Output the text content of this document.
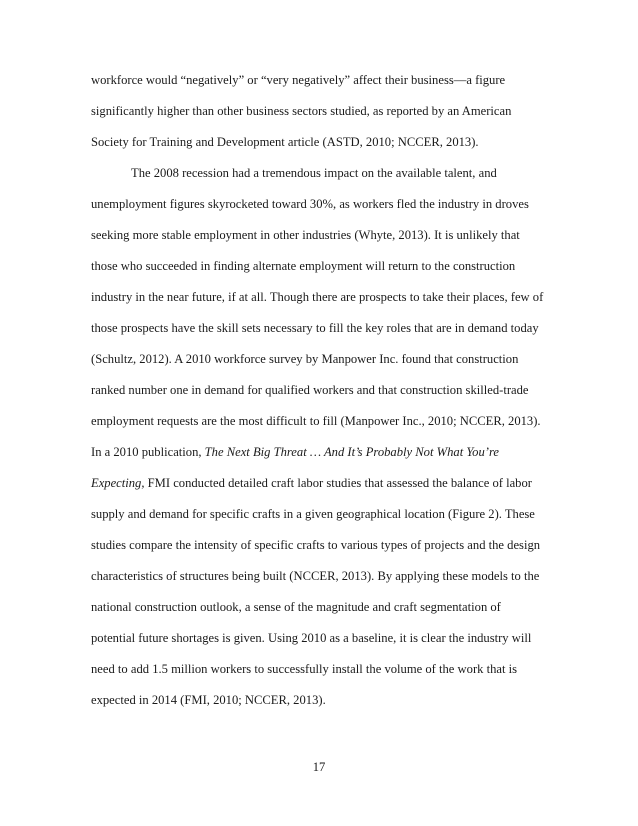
workforce would “negatively” or “very negatively” affect their business—a figure

significantly higher than other business sectors studied, as reported by an American

Society for Training and Development article (ASTD, 2010; NCCER, 2013).

The 2008 recession had a tremendous impact on the available talent, and

unemployment figures skyrocketed toward 30%, as workers fled the industry in droves

seeking more stable employment in other industries (Whyte, 2013). It is unlikely that

those who succeeded in finding alternate employment will return to the construction

industry in the near future, if at all. Though there are prospects to take their places, few of

those prospects have the skill sets necessary to fill the key roles that are in demand today

(Schultz, 2012). A 2010 workforce survey by Manpower Inc. found that construction

ranked number one in demand for qualified workers and that construction skilled-trade

employment requests are the most difficult to fill (Manpower Inc., 2010; NCCER, 2013).

In a 2010 publication, The Next Big Threat … And It’s Probably Not What You’re

Expecting, FMI conducted detailed craft labor studies that assessed the balance of labor

supply and demand for specific crafts in a given geographical location (Figure 2). These

studies compare the intensity of specific crafts to various types of projects and the design

characteristics of structures being built (NCCER, 2013). By applying these models to the

national construction outlook, a sense of the magnitude and craft segmentation of

potential future shortages is given. Using 2010 as a baseline, it is clear the industry will

need to add 1.5 million workers to successfully install the volume of the work that is

expected in 2014 (FMI, 2010; NCCER, 2013).

17
